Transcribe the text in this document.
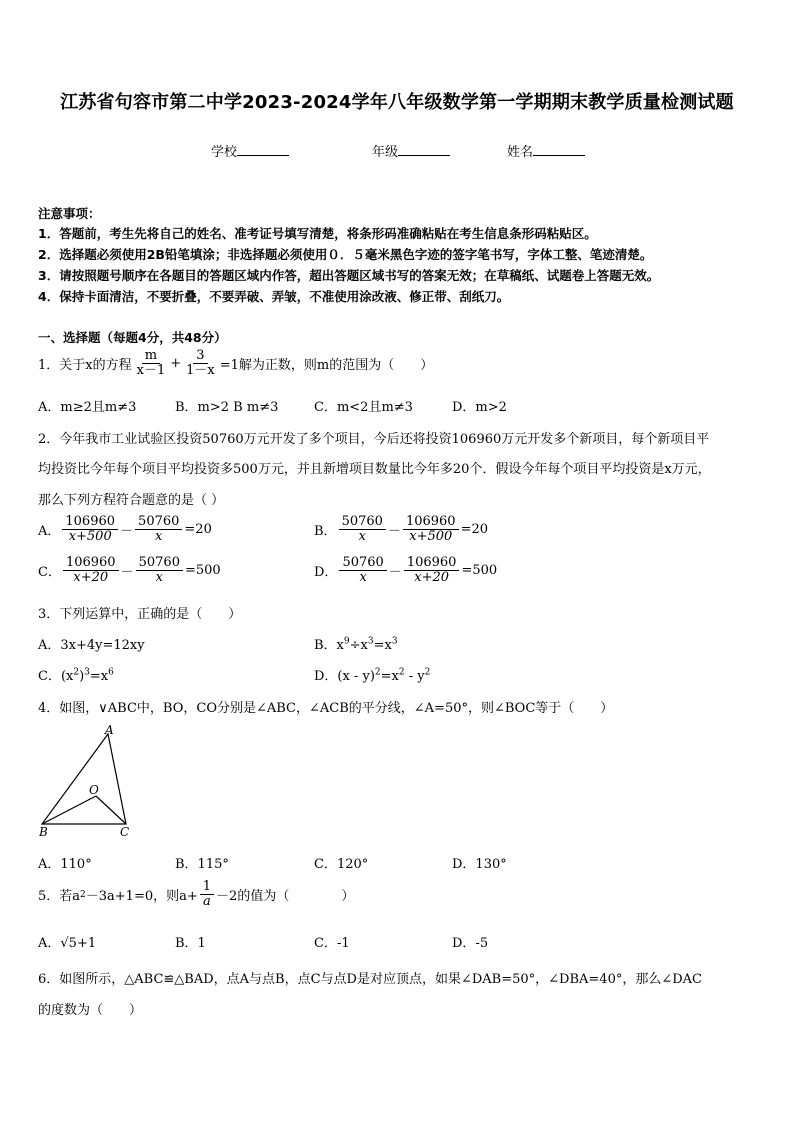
江苏省句容市第二中学2023-2024学年八年级数学第一学期期末教学质量检测试题
学校	年级	姓名
注意事项：
1．答题前，考生先将自己的姓名、准考证号填写清楚，将条形码准确粘贴在考生信息条形码粘贴区。
2．选择题必须使用2B铅笔填涂；非选择题必须使用０．５毫米黑色字迹的签字笔书写，字体工整、笔迹清楚。
3．请按照题号顺序在各题目的答题区域内作答，超出答题区域书写的答案无效；在草稿纸、试题卷上答题无效。
4．保持卡面清洁，不要折叠，不要弄破、弄皱，不准使用涂改液、修正带、刮纸刀。
一、选择题（每题4分，共48分）
1．关于x的方程 $\frac{m}{x-1} + \frac{3}{1-x} =1$解为正数，则m的范围为（　　）
A．m≥2且m≠3	B．m>2 B m≠3	C．m<2且m≠3	D．m>2
2．今年我市工业试验区投资50760万元开发了多个项目，今后还将投资106960万元开发多个新项目，每个新项目平
均投资比今年每个项目平均投资多500万元，并且新增项目数量比今年多20个．假设今年每个项目平均投资是x万元，
那么下列方程符合题意的是（ ）
A． $\frac{106960}{x+500} - \frac{50760}{x} =20$	B． $\frac{50760}{x} - \frac{106960}{x+500} =20$
C． $\frac{106960}{x+20} - \frac{50760}{x} =500$	D． $\frac{50760}{x} - \frac{106960}{x+20} =500$
3．下列运算中，正确的是（　　）
A．3x+4y=12xy	B．$x^9\div x^3=x^3$
C．$(x^2)^3=x^6$	D．$(x - y)^2=x^2 - y^2$
4．如图，∨ABC中，BO，CO分别是∠ABC，∠ACB的平分线，∠A=50°，则∠BOC等于（　　）
A
B	C
O
A．110°	B．115°	C．120°	D．130°
5．若a 2 －3a+1=0，则$a+ \frac{1}{a} -2$的值为（　　　　）
A．√5+1	B．1	C．-1	D．-5
6．如图所示，△ABC≌△BAD，点A与点B，点C与点D是对应顶点，如果∠DAB=50°，∠DBA=40°，那么∠DAC
的度数为（　　）
